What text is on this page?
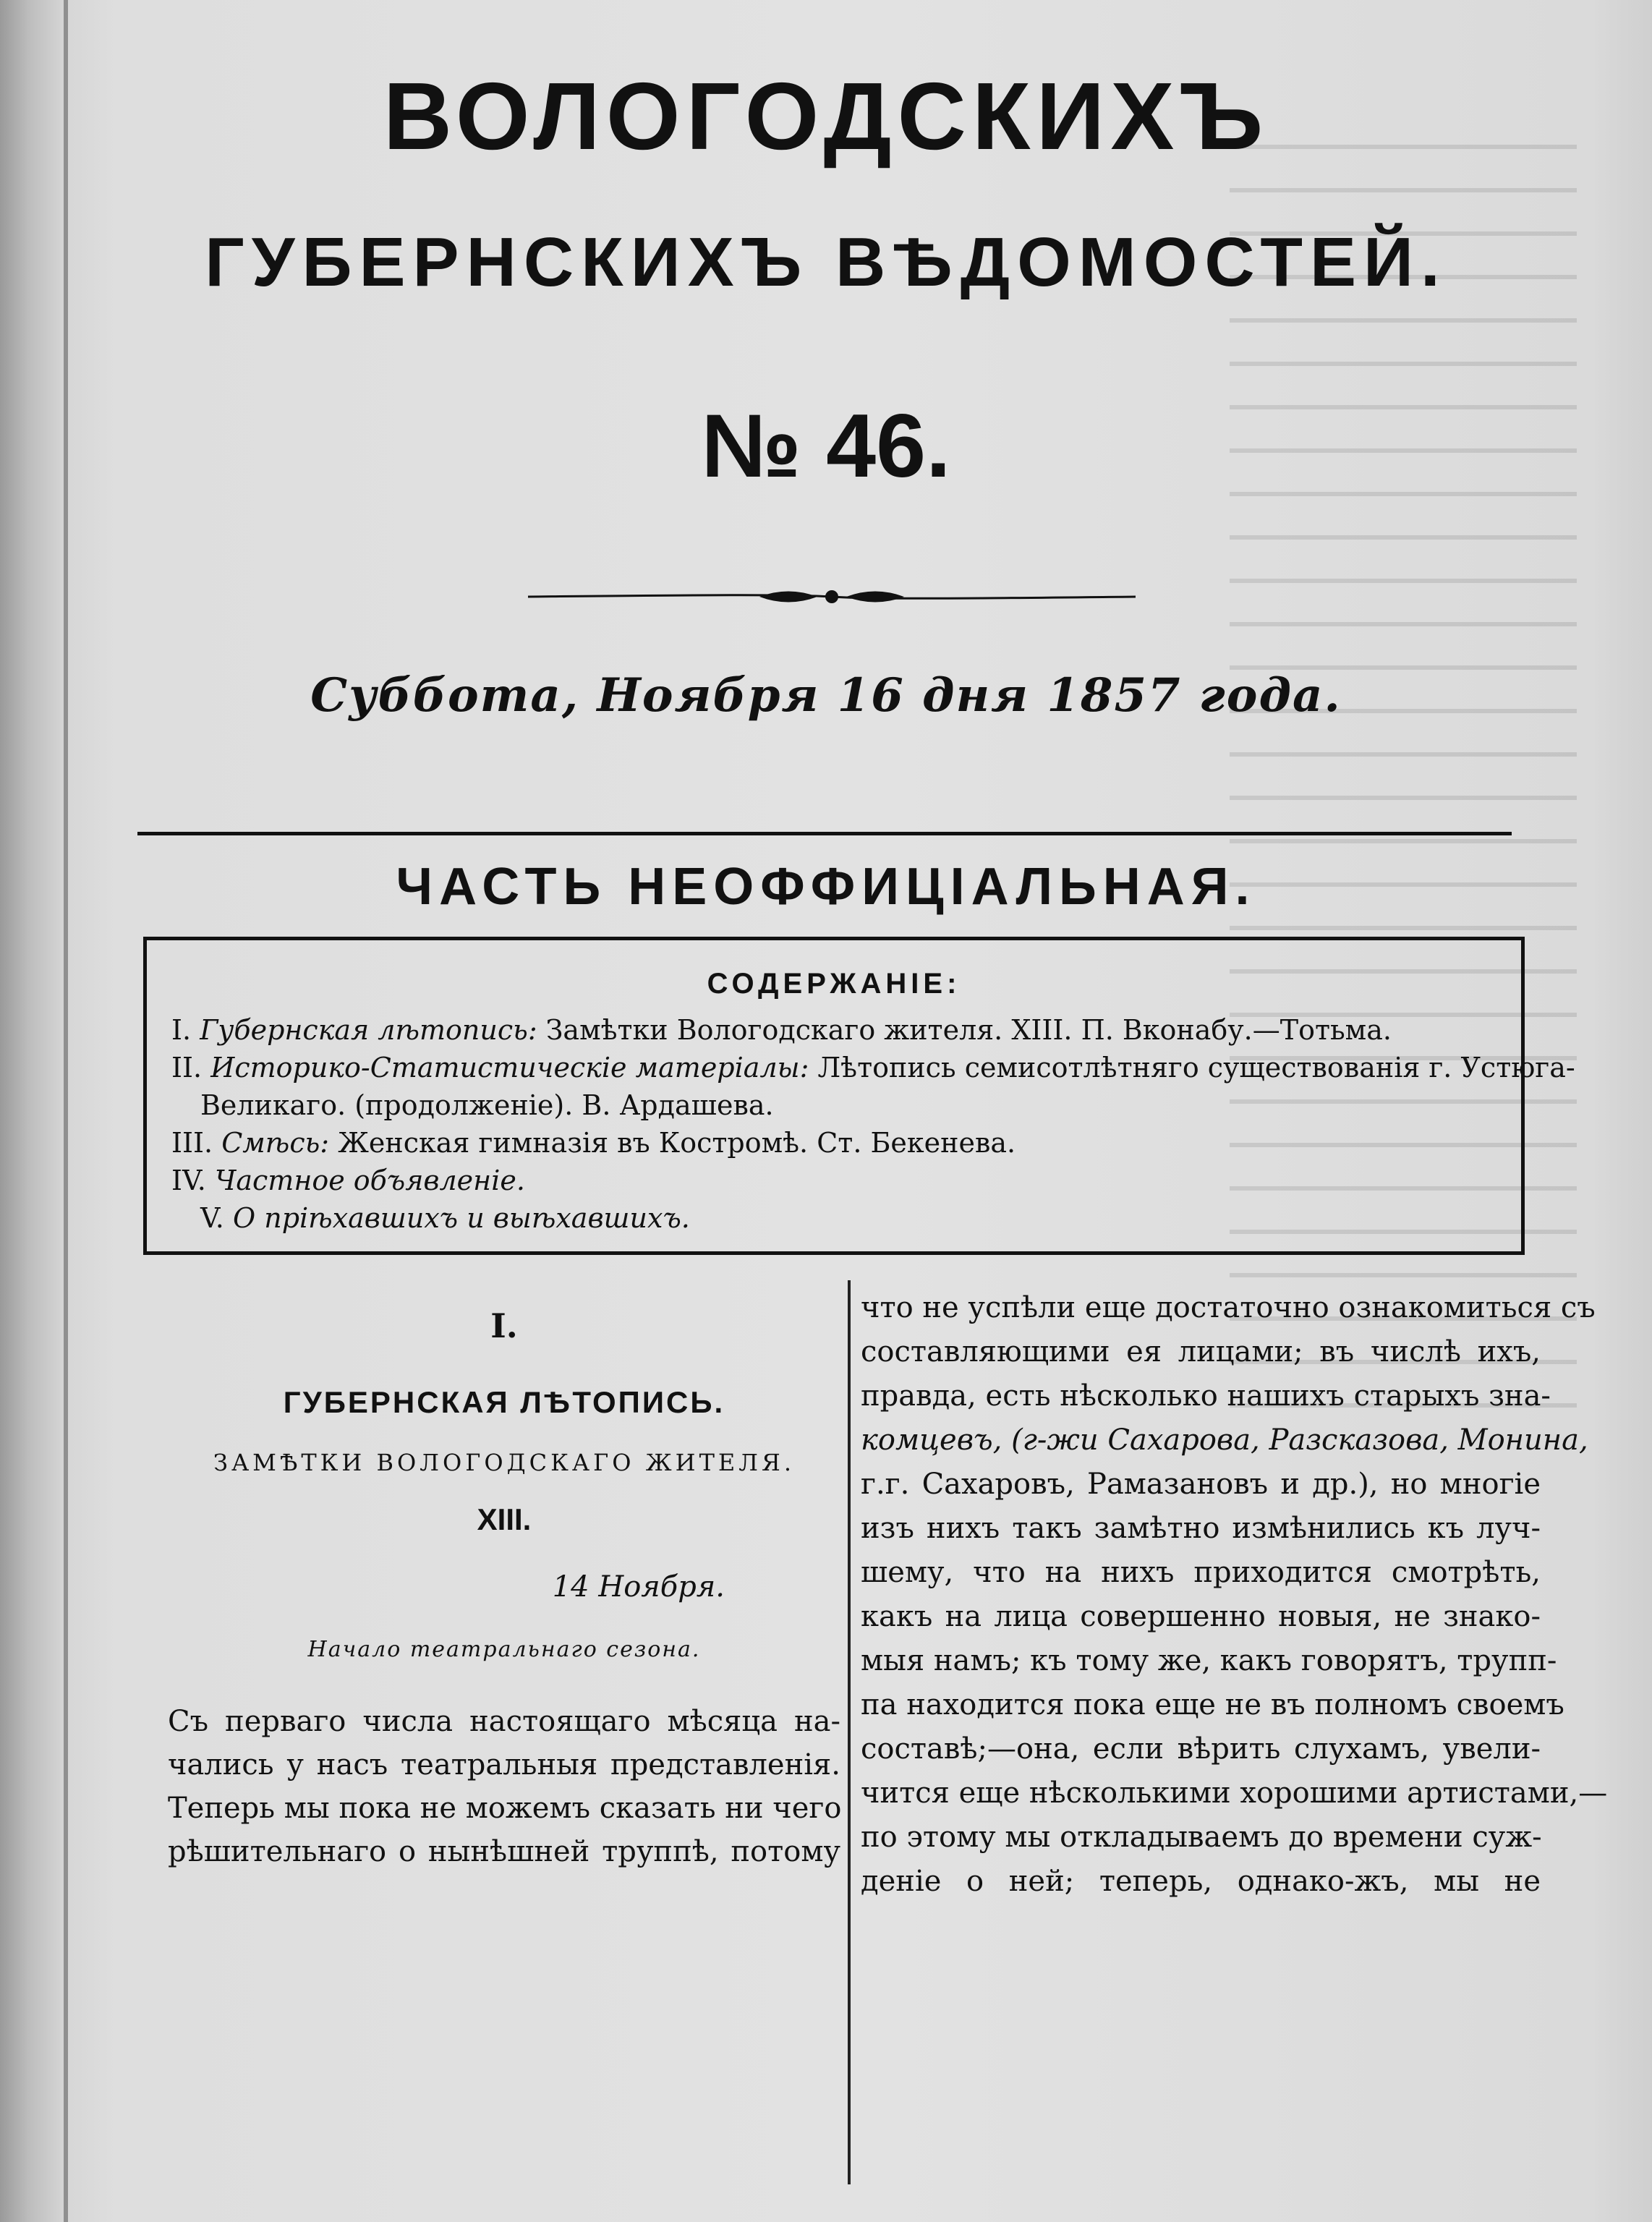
ВОЛОГОДСКИХЪ
ГУБЕРНСКИХЪ ВѢДОМОСТЕЙ.
№ 46.
Суббота, Ноября 16 дня 1857 года.
ЧАСТЬ НЕОФФИЦІАЛЬНАЯ.
СОДЕРЖАНІЕ:
I. Губернская лѣтопись: Замѣтки Вологодскаго жителя. XIII. П. Вконабу.—Тотьма.
II. Историко-Статистическіе матеріалы: Лѣтопись семисотлѣтняго существованія г. Устюга-
Великаго. (продолженіе). В. Ардашева.
III. Смѣсь: Женская гимназія въ Костромѣ. Ст. Бекенева.
IV. Частное объявленіе.
V. О пріѣхавшихъ и выѣхавшихъ.
I.
ГУБЕРНСКАЯ ЛѢТОПИСЬ.
ЗАМѢТКИ ВОЛОГОДСКАГО ЖИТЕЛЯ.
XIII.
14 Ноября.
Начало театральнаго сезона.
Съ перваго числа настоящаго мѣсяца на-
чались у насъ театральныя представленія.
Теперь мы пока не можемъ сказать ни чего
рѣшительнаго о нынѣшней труппѣ, потому
что не успѣли еще достаточно ознакомиться съ
составляющими ея лицами; въ числѣ ихъ,
правда, есть нѣсколько нашихъ старыхъ зна-
комцевъ, (г-жи Сахарова, Разсказова, Монина,
г.г. Сахаровъ, Рамазановъ и др.), но многіе
изъ нихъ такъ замѣтно измѣнились къ луч-
шему, что на нихъ приходится смотрѣть,
какъ на лица совершенно новыя, не знако-
мыя намъ; къ тому же, какъ говорятъ, трупп-
па находится пока еще не въ полномъ своемъ
составѣ;—она, если вѣрить слухамъ, увели-
чится еще нѣсколькими хорошими артистами,—
по этому мы откладываемъ до времени суж-
деніе о ней; теперь, однако-жъ, мы не
